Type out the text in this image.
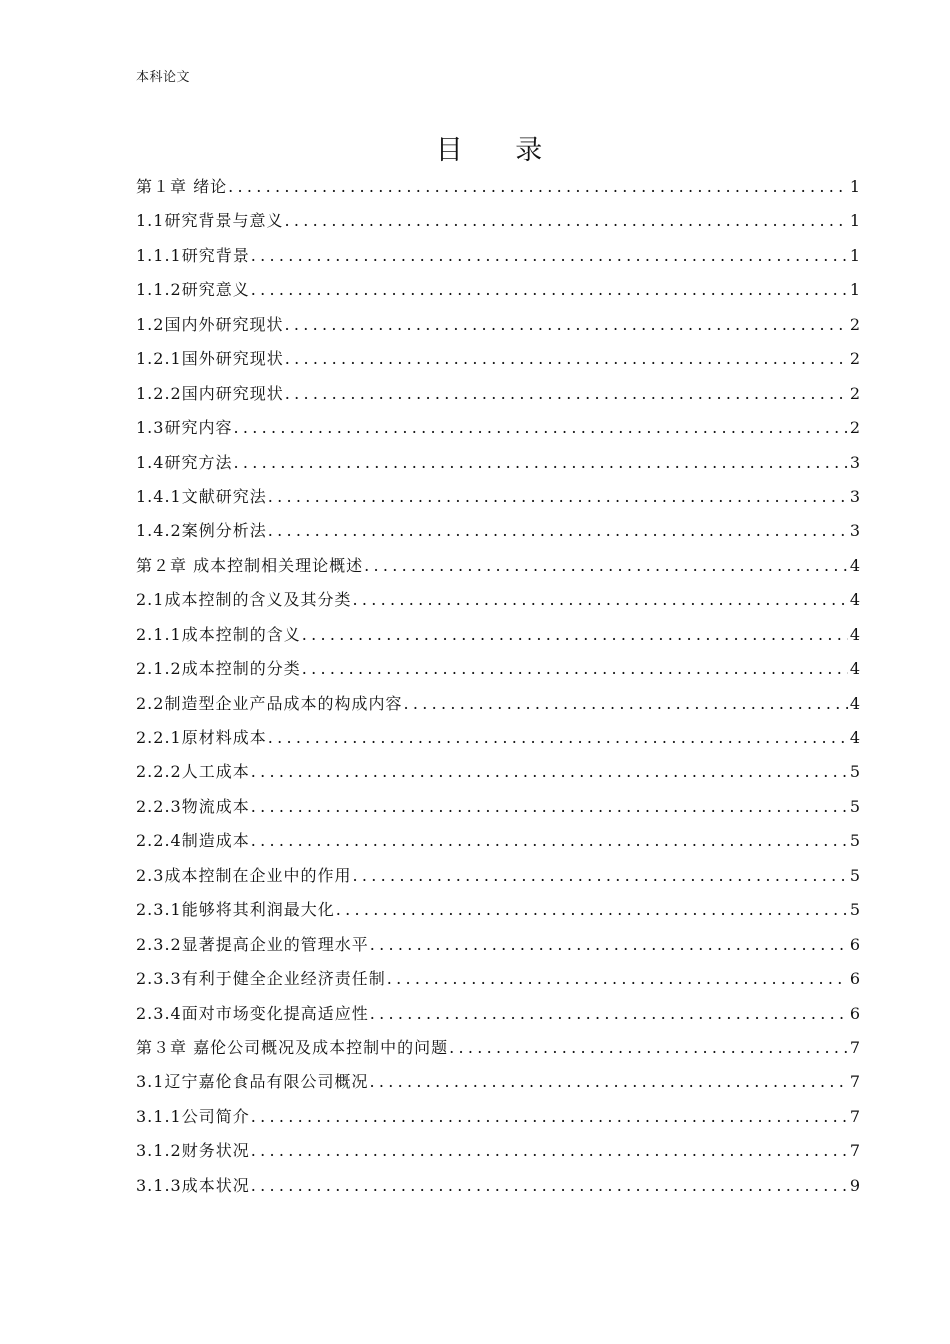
本科论文
目 录
第１章 绪论 .....	1
1.1研究背景与意义 .....	1
1.1.1研究背景 .....	1
1.1.2研究意义 .....	1
1.2国内外研究现状 .....	2
1.2.1国外研究现状 .....	2
1.2.2国内研究现状 .....	2
1.3研究内容 .....	2
1.4研究方法 .....	3
1.4.1文献研究法 .....	3
1.4.2案例分析法 .....	3
第２章 成本控制相关理论概述 .....	4
2.1成本控制的含义及其分类 .....	4
2.1.1成本控制的含义 .....	4
2.1.2成本控制的分类 .....	4
2.2制造型企业产品成本的构成内容 .....	4
2.2.1原材料成本 .....	4
2.2.2人工成本 .....	5
2.2.3物流成本 .....	5
2.2.4制造成本 .....	5
2.3成本控制在企业中的作用 .....	5
2.3.1能够将其利润最大化 .....	5
2.3.2显著提高企业的管理水平 .....	6
2.3.3有利于健全企业经济责任制 .....	6
2.3.4面对市场变化提高适应性 .....	6
第３章 嘉伦公司概况及成本控制中的问题 .....	7
3.1辽宁嘉伦食品有限公司概况 .....	7
3.1.1公司简介 .....	7
3.1.2财务状况 .....	7
3.1.3成本状况 .....	9
